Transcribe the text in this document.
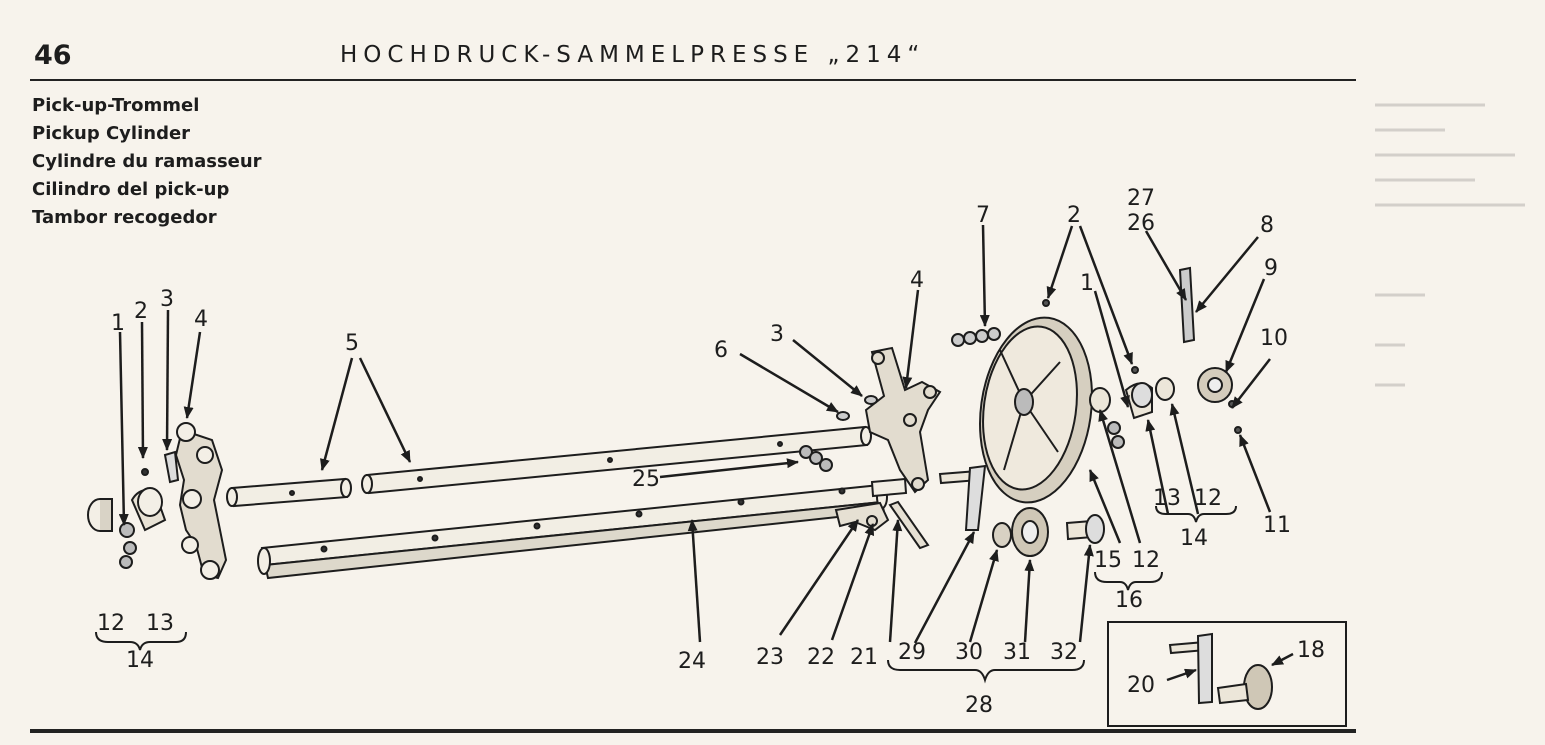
46	HOCHDRUCK-SAMMELPRESSE „214“
Pick-up-Trommel
Pickup Cylinder
Cylindre du ramasseur
Cilindro del pick-up
Tambor recogedor
1 2 3
4
5	6
3
4
7	2
27
26	8
9
1
10
11
13 12
14
15 12
16
25
12 13
14	24 23 22 21 29 30 31 32
28
18
20
